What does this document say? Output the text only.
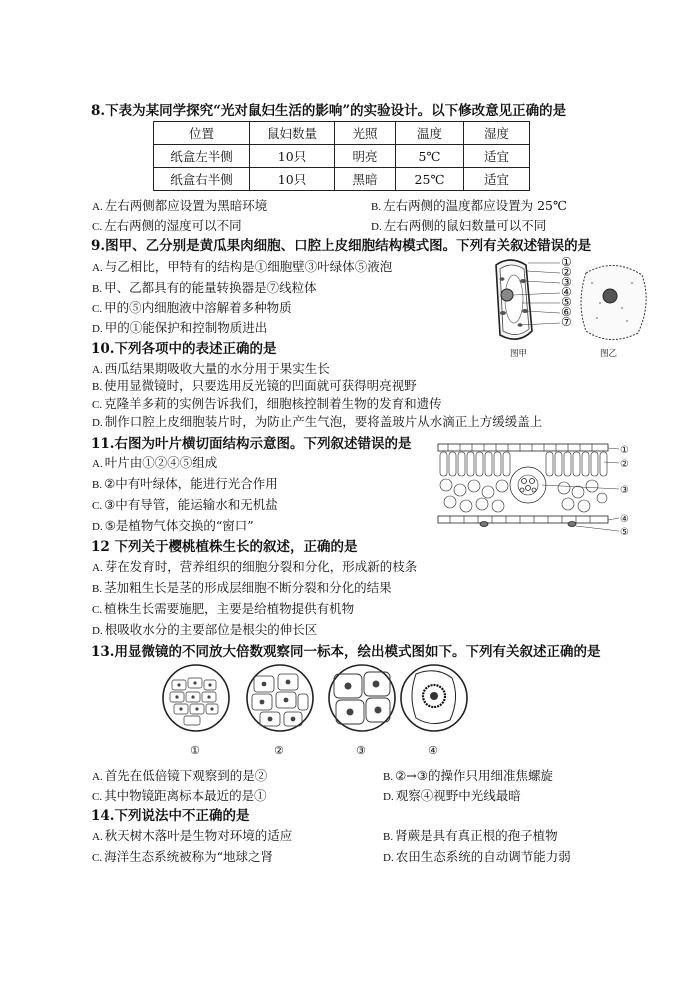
8.下表为某同学探究“光对鼠妇生活的影响”的实验设计。以下修改意见正确的是
位置	鼠妇数量	光照	温度	湿度
纸盒左半侧	10只	明亮	5℃	适宜
纸盒右半侧	10只	黑暗	25℃	适宜
A. 左右两侧都应设置为黑暗环境	B. 左右两侧的温度都应设置为 25℃
C. 左右两侧的湿度可以不同	D. 左右两侧的鼠妇数量可以不同
9.图甲、乙分别是黄瓜果肉细胞、口腔上皮细胞结构模式图。下列有关叙述错误的是
A. 与乙相比，甲特有的结构是①细胞壁③叶绿体⑤液泡
B. 甲、乙都具有的能量转换器是⑦线粒体
C. 甲的⑤内细胞液中溶解着多种物质
D. 甲的①能保护和控制物质进出
①
②
③
④
⑤
⑥
⑦
图甲	图乙
10.下列各项中的表述正确的是
A. 西瓜结果期吸收大量的水分用于果实生长
B. 使用显微镜时，只要选用反光镜的凹面就可获得明亮视野
C. 克隆羊多莉的实例告诉我们，细胞核控制着生物的发育和遗传
D. 制作口腔上皮细胞装片时，为防止产生气泡，要将盖玻片从水滴正上方缓缓盖上
11.右图为叶片横切面结构示意图。下列叙述错误的是
A. 叶片由①②④⑤组成
B. ②中有叶绿体，能进行光合作用
C. ③中有导管，能运输水和无机盐
D. ⑤是植物气体交换的“窗口”
①
②
③
④
⑤
12 下列关于樱桃植株生长的叙述，正确的是
A. 芽在发育时，营养组织的细胞分裂和分化，形成新的枝条
B. 茎加粗生长是茎的形成层细胞不断分裂和分化的结果
C. 植株生长需要施肥，主要是给植物提供有机物
D. 根吸收水分的主要部位是根尖的伸长区
13.用显微镜的不同放大倍数观察同一标本，绘出模式图如下。下列有关叙述正确的是
①	②	③	④
A. 首先在低倍镜下观察到的是②	B. ②→③的操作只用细准焦螺旋
C. 其中物镜距离标本最近的是①	D. 观察④视野中光线最暗
14.下列说法中不正确的是
A. 秋天树木落叶是生物对环境的适应	B. 肾蕨是具有真正根的孢子植物
C. 海洋生态系统被称为“地球之肾	D. 农田生态系统的自动调节能力弱
